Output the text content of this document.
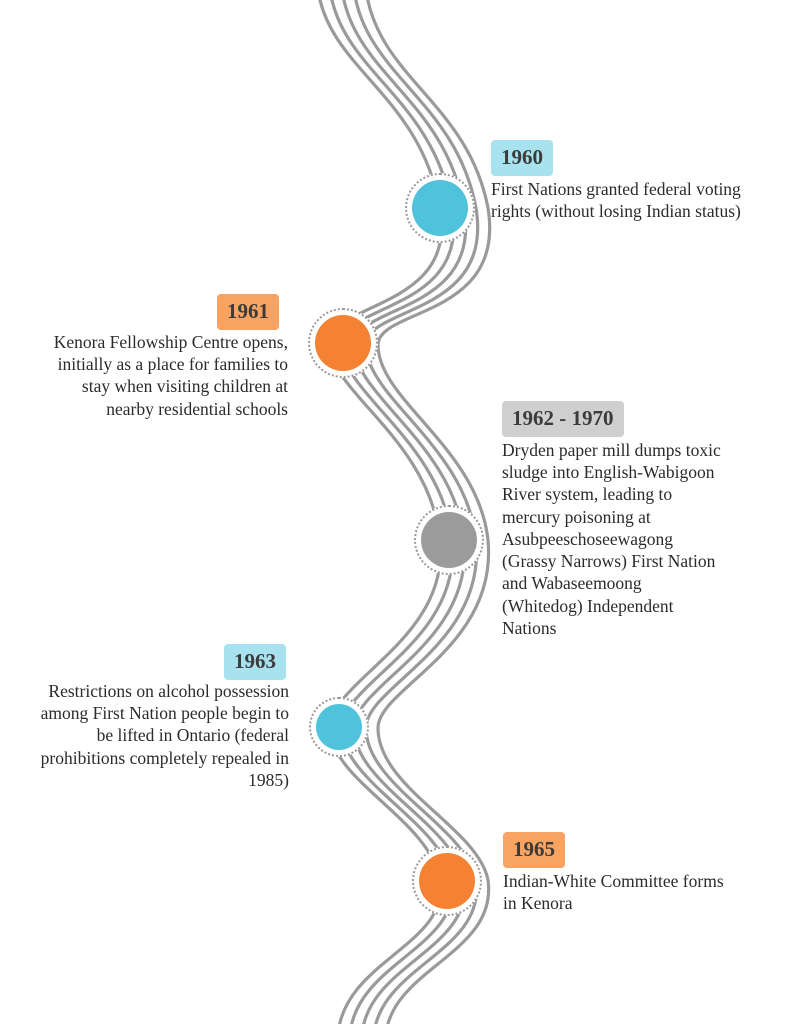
1960
First Nations granted federal voting rights (without losing Indian status)
1961
Kenora Fellowship Centre opens, initially as a place for families to stay when visiting children at nearby residential schools	1962 - 1970
Dryden paper mill dumps toxic sludge into English-Wabigoon River system, leading to mercury poisoning at Asubpeeschoseewagong (Grassy Narrows) First Nation and Wabaseemoong (Whitedog) Independent Nations
1963
Restrictions on alcohol possession among First Nation people begin to be lifted in Ontario (federal prohibitions completely repealed in 1985)
1965
Indian-White Committee forms in Kenora
